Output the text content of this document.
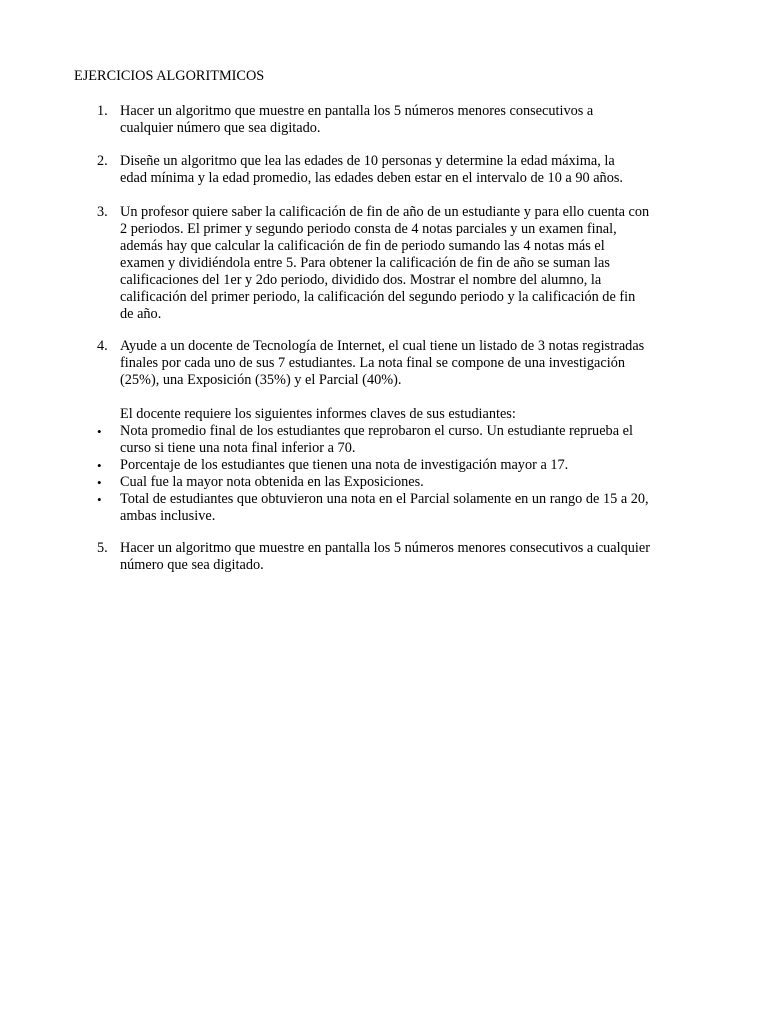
EJERCICIOS ALGORITMICOS
1. Hacer un algoritmo que muestre en pantalla los 5 números menores consecutivos a
cualquier número que sea digitado.
2. Diseñe un algoritmo que lea las edades de 10 personas y determine la edad máxima, la
edad mínima y la edad promedio, las edades deben estar en el intervalo de 10 a 90 años.
3. Un profesor quiere saber la calificación de fin de año de un estudiante y para ello cuenta con
2 periodos. El primer y segundo periodo consta de 4 notas parciales y un examen final,
además hay que calcular la calificación de fin de periodo sumando las 4 notas más el
examen y dividiéndola entre 5. Para obtener la calificación de fin de año se suman las
calificaciones del 1er y 2do periodo, dividido dos. Mostrar el nombre del alumno, la
calificación del primer periodo, la calificación del segundo periodo y la calificación de fin
de año.
4. Ayude a un docente de Tecnología de Internet, el cual tiene un listado de 3 notas registradas
finales por cada uno de sus 7 estudiantes. La nota final se compone de una investigación
(25%), una Exposición (35%) y el Parcial (40%).
El docente requiere los siguientes informes claves de sus estudiantes:
• Nota promedio final de los estudiantes que reprobaron el curso. Un estudiante reprueba el
curso si tiene una nota final inferior a 70.
• Porcentaje de los estudiantes que tienen una nota de investigación mayor a 17.
• Cual fue la mayor nota obtenida en las Exposiciones.
• Total de estudiantes que obtuvieron una nota en el Parcial solamente en un rango de 15 a 20,
ambas inclusive.
5. Hacer un algoritmo que muestre en pantalla los 5 números menores consecutivos a cualquier
número que sea digitado.
